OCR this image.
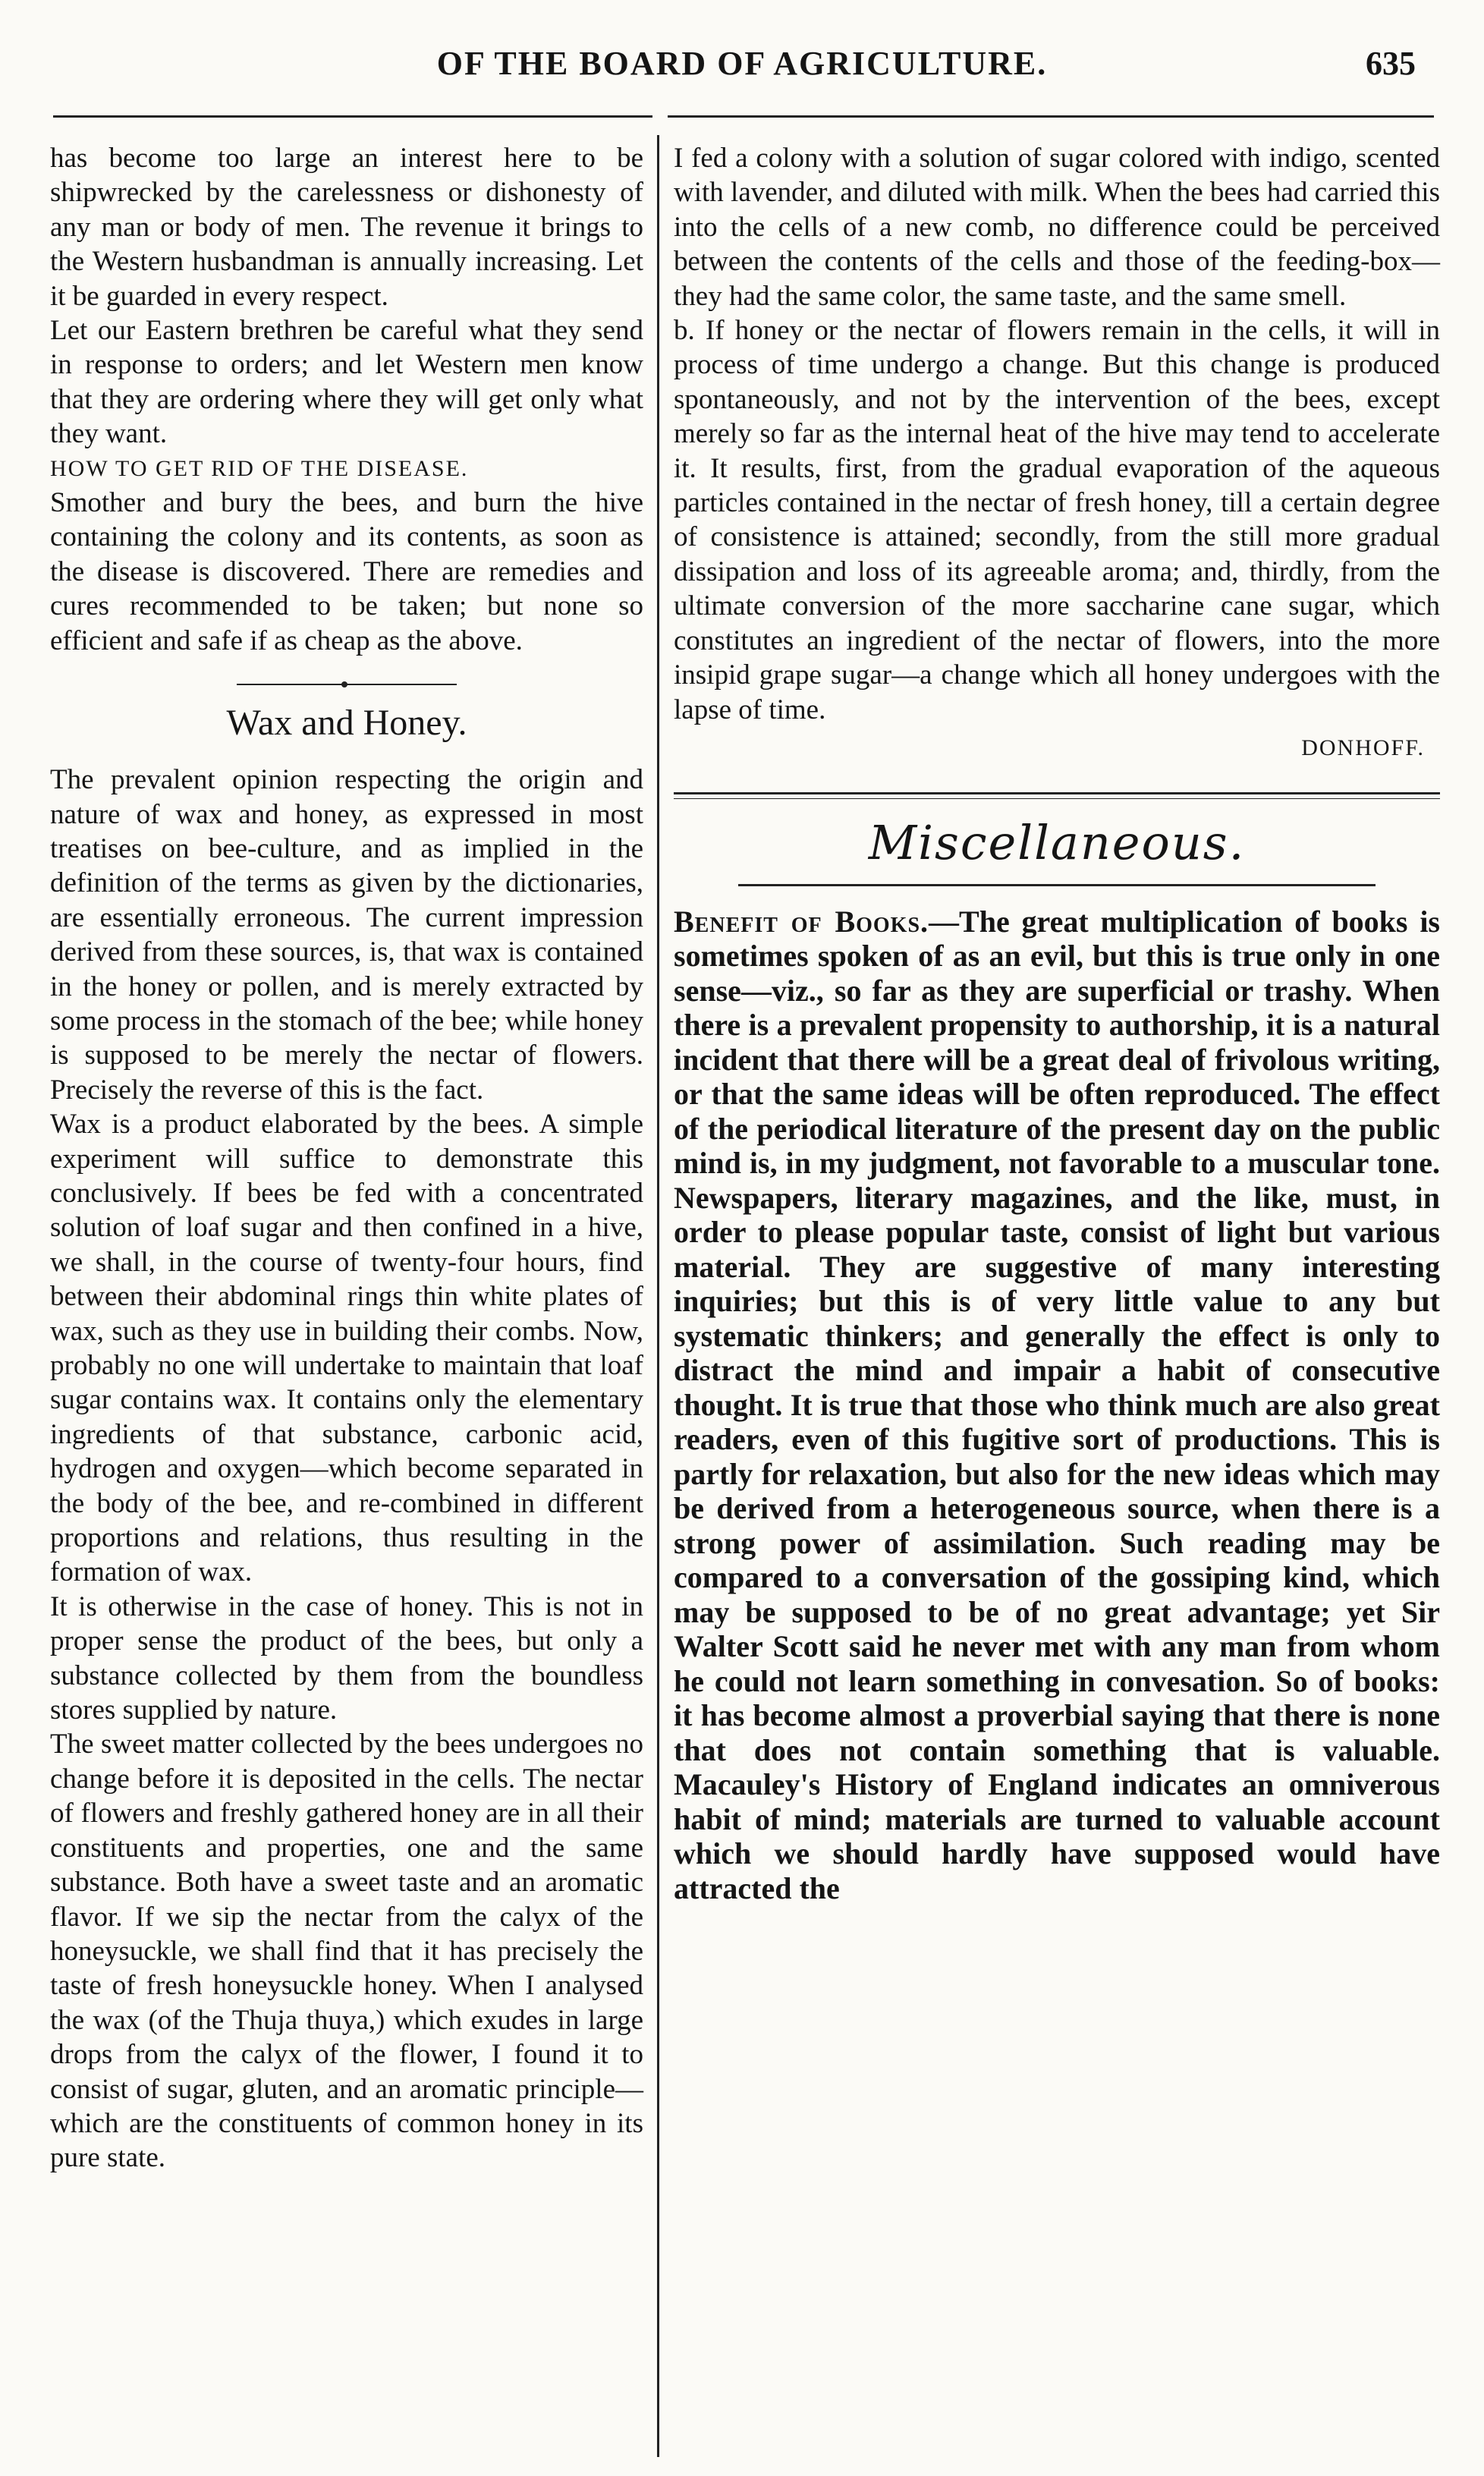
OF THE BOARD OF AGRICULTURE.	635

has become too large an interest here to be shipwrecked by the carelessness or dishonesty of any man or body of men. The revenue it brings to the Western husbandman is annually increasing. Let it be guarded in every respect.

Let our Eastern brethren be careful what they send in response to orders; and let Western men know that they are ordering where they will get only what they want.

HOW TO GET RID OF THE DISEASE.

Smother and bury the bees, and burn the hive containing the colony and its contents, as soon as the disease is discovered. There are remedies and cures recommended to be taken; but none so efficient and safe if as cheap as the above.

Wax and Honey.

The prevalent opinion respecting the origin and nature of wax and honey, as expressed in most treatises on bee-culture, and as implied in the definition of the terms as given by the dictionaries, are essentially erroneous. The current impression derived from these sources, is, that wax is contained in the honey or pollen, and is merely extracted by some process in the stomach of the bee; while honey is supposed to be merely the nectar of flowers. Precisely the reverse of this is the fact.

Wax is a product elaborated by the bees. A simple experiment will suffice to demonstrate this conclusively. If bees be fed with a concentrated solution of loaf sugar and then confined in a hive, we shall, in the course of twenty-four hours, find between their abdominal rings thin white plates of wax, such as they use in building their combs. Now, probably no one will undertake to maintain that loaf sugar contains wax. It contains only the elementary ingredients of that substance, carbonic acid, hydrogen and oxygen—which become separated in the body of the bee, and re-combined in different proportions and relations, thus resulting in the formation of wax.

It is otherwise in the case of honey. This is not in proper sense the product of the bees, but only a substance collected by them from the boundless stores supplied by nature.

The sweet matter collected by the bees undergoes no change before it is deposited in the cells. The nectar of flowers and freshly gathered honey are in all their constituents and properties, one and the same substance. Both have a sweet taste and an aromatic flavor. If we sip the nectar from the calyx of the honeysuckle, we shall find that it has precisely the taste of fresh honeysuckle honey. When I analysed the wax (of the Thuja thuya,) which exudes in large drops from the calyx of the flower, I found it to consist of sugar, gluten, and an aromatic principle—which are the constituents of common honey in its pure state.

I fed a colony with a solution of sugar colored with indigo, scented with lavender, and diluted with milk. When the bees had carried this into the cells of a new comb, no difference could be perceived between the contents of the cells and those of the feeding-box—they had the same color, the same taste, and the same smell.

b. If honey or the nectar of flowers remain in the cells, it will in process of time undergo a change. But this change is produced spontaneously, and not by the intervention of the bees, except merely so far as the internal heat of the hive may tend to accelerate it. It results, first, from the gradual evaporation of the aqueous particles contained in the nectar of fresh honey, till a certain degree of consistence is attained; secondly, from the still more gradual dissipation and loss of its agreeable aroma; and, thirdly, from the ultimate conversion of the more saccharine cane sugar, which constitutes an ingredient of the nectar of flowers, into the more insipid grape sugar—a change which all honey undergoes with the lapse of time.

DONHOFF.
Miscellaneous.

Benefit of Books.—The great multiplication of books is sometimes spoken of as an evil, but this is true only in one sense—viz., so far as they are superficial or trashy. When there is a prevalent propensity to authorship, it is a natural incident that there will be a great deal of frivolous writing, or that the same ideas will be often reproduced. The effect of the periodical literature of the present day on the public mind is, in my judgment, not favorable to a muscular tone. Newspapers, literary magazines, and the like, must, in order to please popular taste, consist of light but various material. They are suggestive of many interesting inquiries; but this is of very little value to any but systematic thinkers; and generally the effect is only to distract the mind and impair a habit of consecutive thought. It is true that those who think much are also great readers, even of this fugitive sort of productions. This is partly for relaxation, but also for the new ideas which may be derived from a heterogeneous source, when there is a strong power of assimilation. Such reading may be compared to a conversation of the gossiping kind, which may be supposed to be of no great advantage; yet Sir Walter Scott said he never met with any man from whom he could not learn something in convesation. So of books: it has become almost a proverbial saying that there is none that does not contain something that is valuable. Macauley's History of England indicates an omniverous habit of mind; materials are turned to valuable account which we should hardly have supposed would have attracted the
